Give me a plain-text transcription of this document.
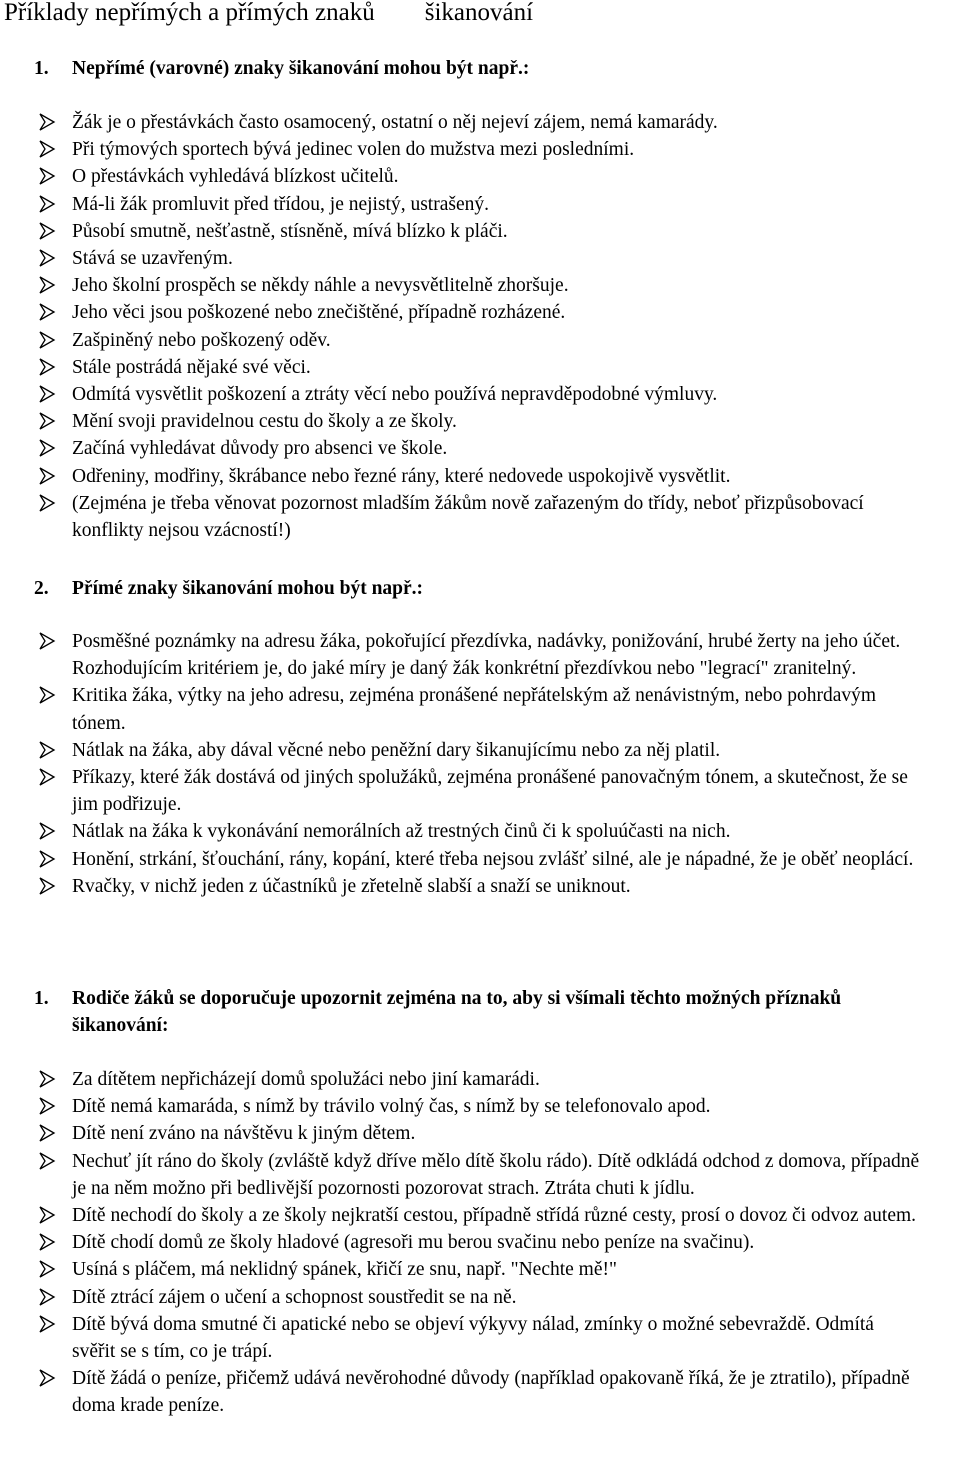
Příklady nepřímých a přímých znaků        šikanování
1. Nepřímé (varovné) znaky šikanování mohou být např.:
Žák je o přestávkách často osamocený, ostatní o něj nejeví zájem, nemá kamarády.
Při týmových sportech bývá jedinec volen do mužstva mezi posledními.
O přestávkách vyhledává blízkost učitelů.
Má-li žák promluvit před třídou, je nejistý, ustrašený.
Působí smutně, nešťastně, stísněně, mívá blízko k pláči.
Stává se uzavřeným.
Jeho školní prospěch se někdy náhle a nevysvětlitelně zhoršuje.
Jeho věci jsou poškozené nebo znečištěné, případně rozházené.
Zašpiněný nebo poškozený oděv.
Stále postrádá nějaké své věci.
Odmítá vysvětlit poškození a ztráty věcí nebo používá nepravděpodobné výmluvy.
Mění svoji pravidelnou cestu do školy a ze školy.
Začíná vyhledávat důvody pro absenci ve škole.
Odřeniny, modřiny, škrábance nebo řezné rány, které nedovede uspokojivě vysvětlit.
(Zejména je třeba věnovat pozornost mladším žákům nově zařazeným do třídy, neboť přizpůsobovací konflikty nejsou vzácností!)
2. Přímé znaky šikanování mohou být např.:
Posměšné poznámky na adresu žáka, pokořující přezdívka, nadávky, ponižování, hrubé žerty na jeho účet. Rozhodujícím kritériem je, do jaké míry je daný žák konkrétní přezdívkou nebo "legrací" zranitelný.
Kritika žáka, výtky na jeho adresu, zejména pronášené nepřátelským až nenávistným, nebo pohrdavým tónem.
Nátlak na žáka, aby dával věcné nebo peněžní dary šikanujícímu nebo za něj platil.
Příkazy, které žák dostává od jiných spolužáků, zejména pronášené panovačným tónem, a skutečnost, že se jim podřizuje.
Nátlak na žáka k vykonávání nemorálních až trestných činů či k spoluúčasti na nich.
Honění, strkání, šťouchání, rány, kopání, které třeba nejsou zvlášť silné, ale je nápadné, že je oběť neoplácí.
Rvačky, v nichž jeden z účastníků je zřetelně slabší a snaží se uniknout.
1. Rodiče žáků se doporučuje upozornit zejména na to, aby si všímali těchto možných příznaků šikanování:
Za dítětem nepřicházejí domů spolužáci nebo jiní kamarádi.
Dítě nemá kamaráda, s nímž by trávilo volný čas, s nímž by se telefonovalo apod.
Dítě není zváno na návštěvu k jiným dětem.
Nechuť jít ráno do školy (zvláště když dříve mělo dítě školu rádo). Dítě odkládá odchod z domova, případně je na něm možno při bedlivější pozornosti pozorovat strach. Ztráta chuti k jídlu.
Dítě nechodí do školy a ze školy nejkratší cestou, případně střídá různé cesty, prosí o dovoz či odvoz autem.
Dítě chodí domů ze školy hladové (agresoři mu berou svačinu nebo peníze na svačinu).
Usíná s pláčem, má neklidný spánek, křičí ze snu, např. "Nechte mě!"
Dítě ztrácí zájem o učení a schopnost soustředit se na ně.
Dítě bývá doma smutné či apatické nebo se objeví výkyvy nálad, zmínky o možné sebevraždě. Odmítá svěřit se s tím, co je trápí.
Dítě žádá o peníze, přičemž udává nevěrohodné důvody (například opakovaně říká, že je ztratilo), případně doma krade peníze.
